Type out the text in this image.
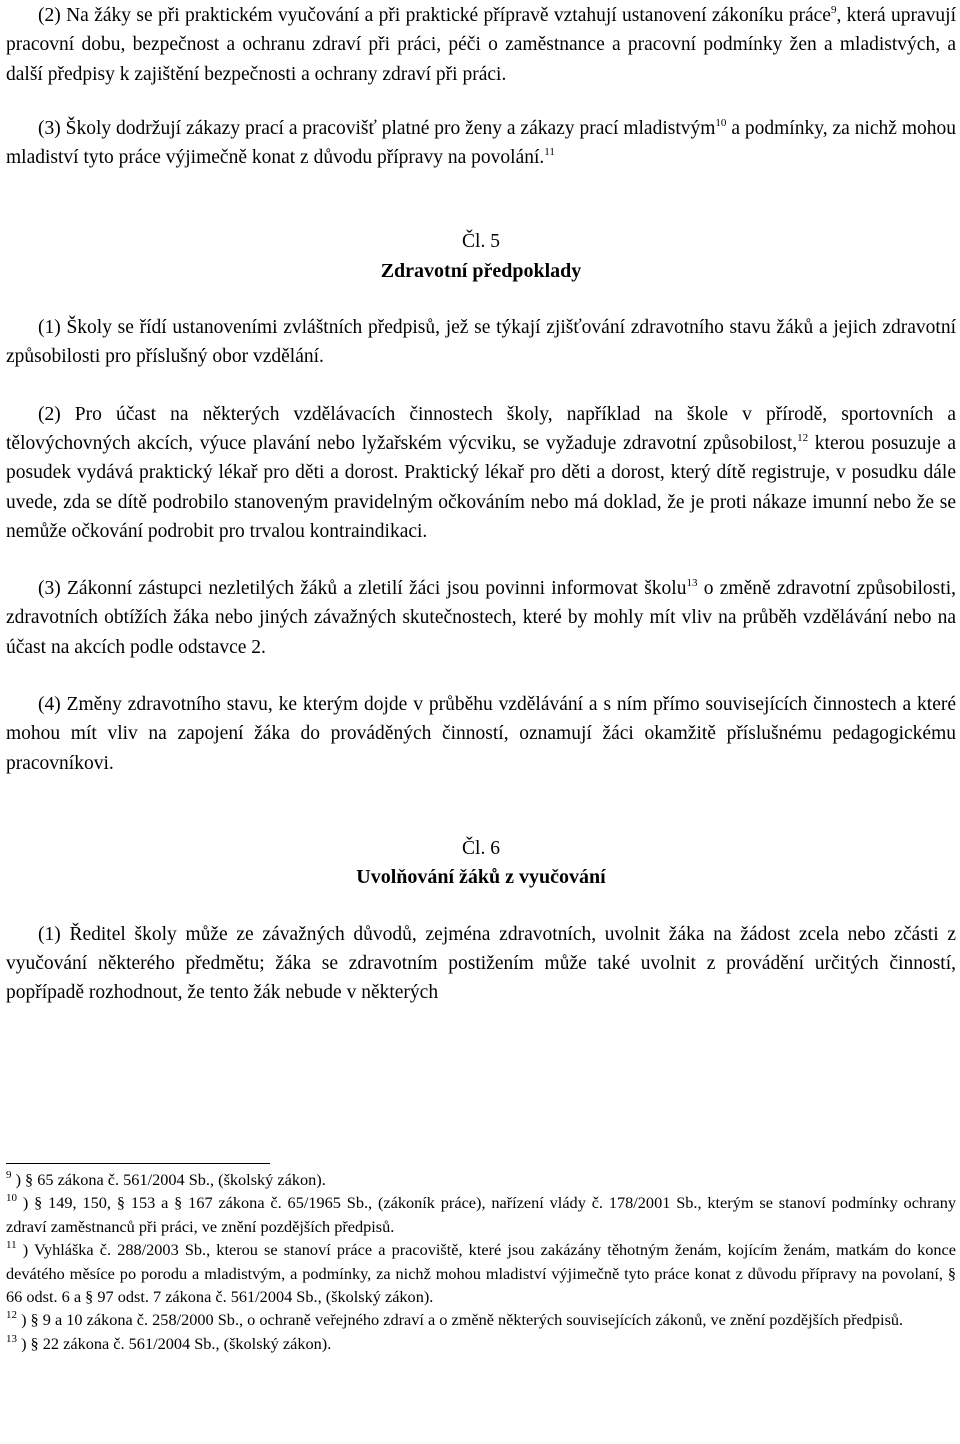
(2) Na žáky se při praktickém vyučování a při praktické přípravě vztahují ustanovení zákoníku práce$^9$, která upravují pracovní dobu, bezpečnost a ochranu zdraví při práci, péči o zaměstnance a pracovní podmínky žen a mladistvých, a další předpisy k zajištění bezpečnosti a ochrany zdraví při práci.

(3) Školy dodržují zákazy prací a pracovišť platné pro ženy a zákazy prací mladistvým$^{10}$ a podmínky, za nichž mohou mladiství tyto práce výjimečně konat z důvodu přípravy na povolání.$^{11}$

Čl. 5

Zdravotní předpoklady

(1) Školy se řídí ustanoveními zvláštních předpisů, jež se týkají zjišťování zdravotního stavu žáků a jejich zdravotní způsobilosti pro příslušný obor vzdělání.

(2) Pro účast na některých vzdělávacích činnostech školy, například na škole v přírodě, sportovních a tělovýchovných akcích, výuce plavání nebo lyžařském výcviku, se vyžaduje zdravotní způsobilost,$^{12}$ kterou posuzuje a posudek vydává praktický lékař pro děti a dorost. Praktický lékař pro děti a dorost, který dítě registruje, v posudku dále uvede, zda se dítě podrobilo stanoveným pravidelným očkováním nebo má doklad, že je proti nákaze imunní nebo že se nemůže očkování podrobit pro trvalou kontraindikaci.

(3) Zákonní zástupci nezletilých žáků a zletilí žáci jsou povinni informovat školu$^{13}$ o změně zdravotní způsobilosti, zdravotních obtížích žáka nebo jiných závažných skutečnostech, které by mohly mít vliv na průběh vzdělávání nebo na účast na akcích podle odstavce 2.

(4) Změny zdravotního stavu, ke kterým dojde v průběhu vzdělávání a s ním přímo souvisejících činnostech a které mohou mít vliv na zapojení žáka do prováděných činností, oznamují žáci okamžitě příslušnému pedagogickému pracovníkovi.

Čl. 6

Uvolňování žáků z vyučování

(1) Ředitel školy může ze závažných důvodů, zejména zdravotních, uvolnit žáka na žádost zcela nebo zčásti z vyučování některého předmětu; žáka se zdravotním postižením může také uvolnit z provádění určitých činností, popřípadě rozhodnout, že tento žák nebude v některých

$^9$ ) § 65 zákona č. 561/2004 Sb., (školský zákon).

$^{10}$ ) § 149, 150, § 153 a § 167 zákona č. 65/1965 Sb., (zákoník práce), nařízení vlády č. 178/2001 Sb., kterým se stanoví podmínky ochrany zdraví zaměstnanců při práci, ve znění pozdějších předpisů.

$^{11}$ ) Vyhláška č. 288/2003 Sb., kterou se stanoví práce a pracoviště, které jsou zakázány těhotným ženám, kojícím ženám, matkám do konce devátého měsíce po porodu a mladistvým, a podmínky, za nichž mohou mladiství výjimečně tyto práce konat z důvodu přípravy na povolaní, § 66 odst. 6 a § 97 odst. 7 zákona č. 561/2004 Sb., (školský zákon).

$^{12}$ ) § 9 a 10 zákona č. 258/2000 Sb., o ochraně veřejného zdraví a o změně některých souvisejících zákonů, ve znění pozdějších předpisů.

$^{13}$ ) § 22 zákona č. 561/2004 Sb., (školský zákon).
